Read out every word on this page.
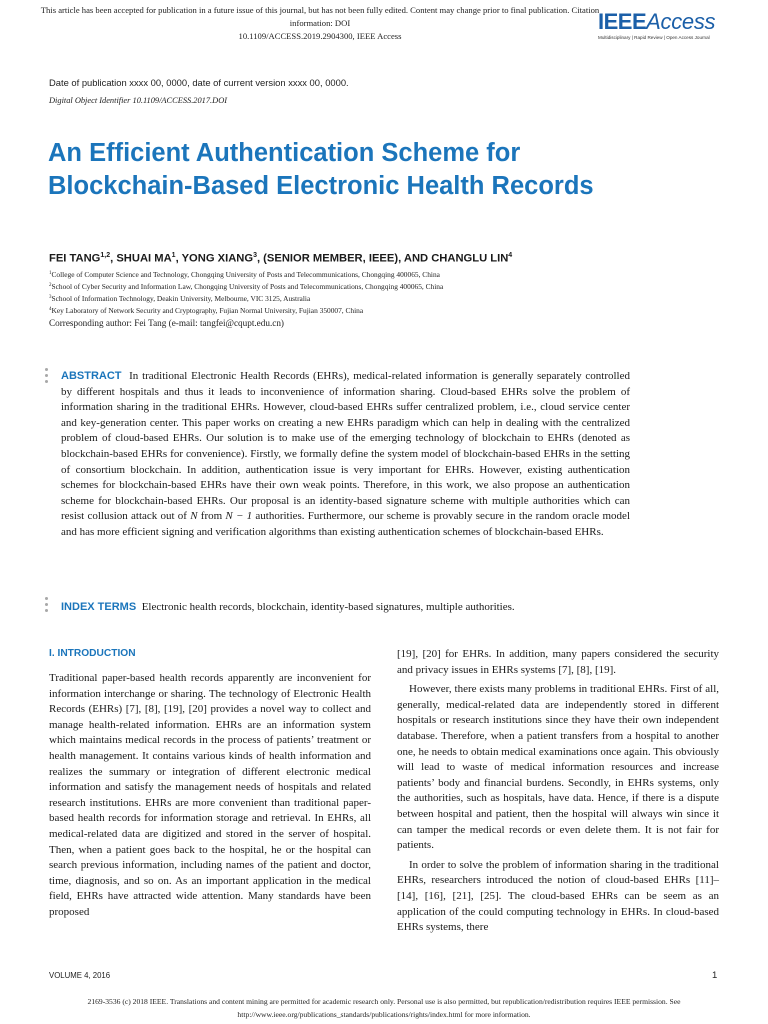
This article has been accepted for publication in a future issue of this journal, but has not been fully edited. Content may change prior to final publication. Citation information: DOI
10.1109/ACCESS.2019.2904300, IEEE Access
IEEEAccess
Multidisciplinary | Rapid Review | Open Access Journal
Date of publication xxxx 00, 0000, date of current version xxxx 00, 0000.
Digital Object Identifier 10.1109/ACCESS.2017.DOI
An Efficient Authentication Scheme for Blockchain-Based Electronic Health Records
FEI TANG$^{1,2}$, SHUAI $MA^1$, YONG XIANG$^3$, (SENIOR MEMBER, IEEE), AND CHANGLU LIN$^4$
$^1$College of Computer Science and Technology, Chongqing University of Posts and Telecommunications, Chongqing 400065, China
$^2$School of Cyber Security and Information Law, Chongqing University of Posts and Telecommunications, Chongqing 400065, China
$^3$School of Information Technology, Deakin University, Melbourne, VIC 3125, Australia
$^4$Key Laboratory of Network Security and Cryptography, Fujian Normal University, Fujian 350007, China
Corresponding author: Fei Tang (e-mail: tangfei@cqupt.edu.cn)

ABSTRACT In traditional Electronic Health Records (EHRs), medical-related information is generally separately controlled by different hospitals and thus it leads to inconvenience of information sharing. Cloud-based EHRs solve the problem of information sharing in the traditional EHRs. However, cloud-based EHRs suffer centralized problem, i.e., cloud service center and key-generation center. This paper works on creating a new EHRs paradigm which can help in dealing with the centralized problem of cloud-based EHRs. Our solution is to make use of the emerging technology of blockchain to EHRs (denoted as blockchain-based EHRs for convenience). Firstly, we formally define the system model of blockchain-based EHRs in the setting of consortium blockchain. In addition, authentication issue is very important for EHRs. However, existing authentication schemes for blockchain-based EHRs have their own weak points. Therefore, in this work, we also propose an authentication scheme for blockchain-based EHRs. Our proposal is an identity-based signature scheme with multiple authorities which can resist collusion attack out of N from N − 1 authorities. Furthermore, our scheme is provably secure in the random oracle model and has more efficient signing and verification algorithms than existing authentication schemes of blockchain-based EHRs.

INDEX TERMS Electronic health records, blockchain, identity-based signatures, multiple authorities.

I. INTRODUCTION

Traditional paper-based health records apparently are inconvenient for information interchange or sharing. The technology of Electronic Health Records (EHRs) [7], [8], [19], [20] provides a novel way to collect and manage health-related information. EHRs are an information system which maintains medical records in the process of patients’ treatment or health management. It contains various kinds of health information and realizes the summary or integration of different electronic medical information and satisfy the management needs of hospitals and related research institutions. EHRs are more convenient than traditional paper-based health records for information storage and retrieval. In EHRs, all medical-related data are digitized and stored in the server of hospital. Then, when a patient goes back to the hospital, he or the hospital can search previous information, including names of the patient and doctor, time, diagnosis, and so on. As an important application in the medical field, EHRs have attracted wide attention. Many standards have been proposed

[19], [20] for EHRs. In addition, many papers considered the security and privacy issues in EHRs systems [7], [8], [19].

However, there exists many problems in traditional EHRs. First of all, generally, medical-related data are independently stored in different hospitals or research institutions since they have their own independent database. Therefore, when a patient transfers from a hospital to another one, he needs to obtain medical examinations once again. This obviously will lead to waste of medical information resources and increase patients’ body and financial burdens. Secondly, in EHRs systems, only the authorities, such as hospitals, have data. Hence, if there is a dispute between hospital and patient, then the hospital will always win since it can tamper the medical records or even delete them. It is not fair for patients.

In order to solve the problem of information sharing in the traditional EHRs, researchers introduced the notion of cloud-based EHRs [11]–[14], [16], [21], [25]. The cloud-based EHRs can be seem as an application of the could computing technology in EHRs. In cloud-based EHRs systems, there

VOLUME 4, 2016	1
2169-3536 (c) 2018 IEEE. Translations and content mining are permitted for academic research only. Personal use is also permitted, but republication/redistribution requires IEEE permission. See
http://www.ieee.org/publications_standards/publications/rights/index.html for more information.
